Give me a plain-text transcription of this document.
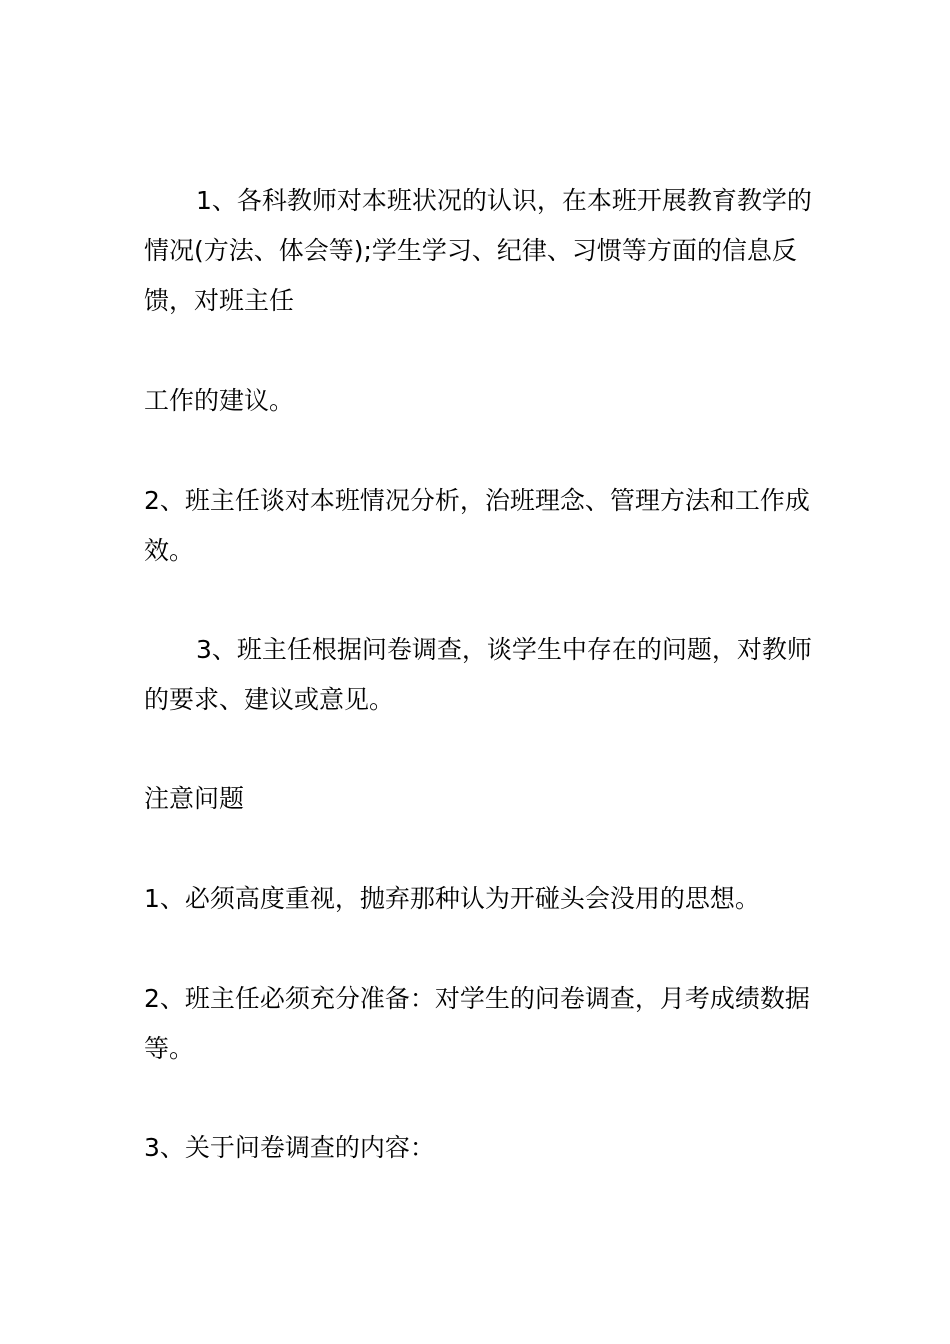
1、各科教师对本班状况的认识，在本班开展教育教学的情况(方法、体会等);学生学习、纪律、习惯等方面的信息反馈，对班主任

工作的建议。

2、班主任谈对本班情况分析，治班理念、管理方法和工作成效。

3、班主任根据问卷调查，谈学生中存在的问题，对教师的要求、建议或意见。

注意问题

1、必须高度重视，抛弃那种认为开碰头会没用的思想。

2、班主任必须充分准备：对学生的问卷调查，月考成绩数据等。

3、关于问卷调查的内容：
